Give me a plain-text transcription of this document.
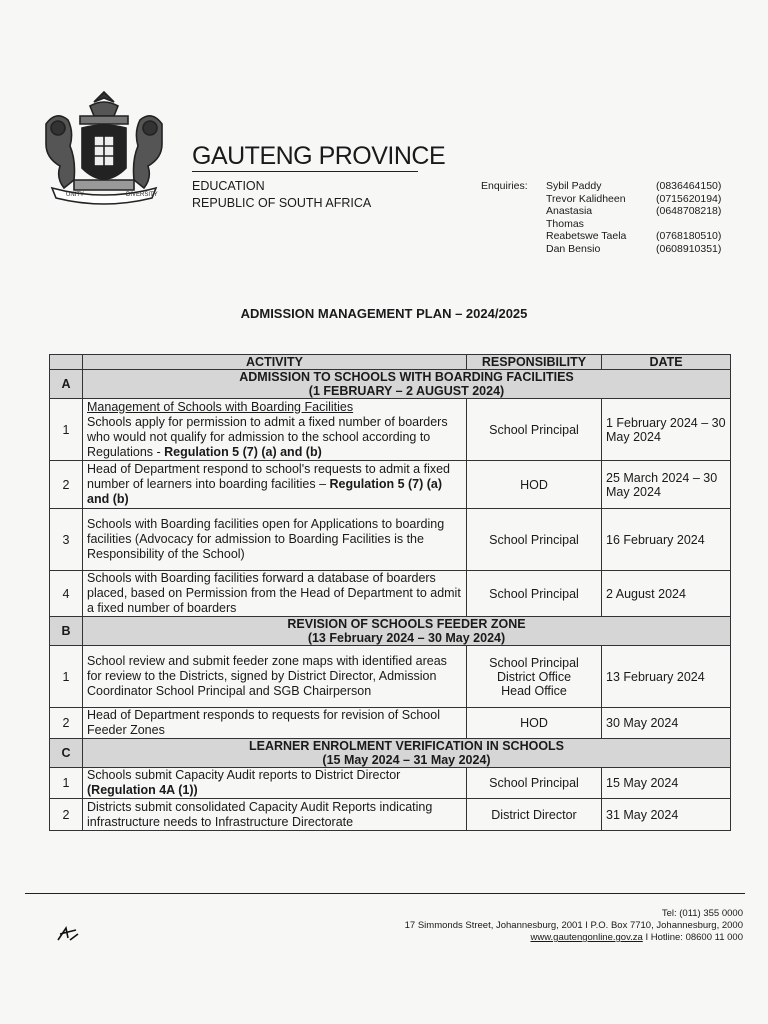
UNITY	DIVERSITY
GAUTENG PROVINCE
EDUCATION
REPUBLIC OF SOUTH AFRICA
Enquiries: Sybil Paddy	(0836464150)
Trevor Kalidheen	(0715620194)
Anastasia	(0648708218)
Thomas
Reabetswe Taela	(0768180510)
Dan Bensio	(0608910351)
ADMISSION MANAGEMENT PLAN – 2024/2025
	ACTIVITY	RESPONSIBILITY	DATE
A	ADMISSION TO SCHOOLS WITH BOARDING FACILITIES
(1 FEBRUARY – 2 AUGUST 2024)		

1	Management of Schools with Boarding Facilities
Schools apply for permission to admit a fixed number of boarders who would not qualify for admission to the school according to Regulations - Regulation 5 (7) (a) and (b)	School Principal	1 February 2024 – 30 May 2024
2	Head of Department respond to school's requests to admit a fixed number of learners into boarding facilities – Regulation 5 (7) (a) and (b)	HOD	25 March 2024 – 30 May 2024
3	Schools with Boarding facilities open for Applications to boarding facilities (Advocacy for admission to Boarding Facilities is the Responsibility of the School)	School Principal	16 February 2024
4	Schools with Boarding facilities forward a database of boarders placed, based on Permission from the Head of Department to admit a fixed number of boarders	School Principal	2 August 2024
B	REVISION OF SCHOOLS FEEDER ZONE
(13 February 2024 – 30 May 2024)		

1	School review and submit feeder zone maps with identified areas for review to the Districts, signed by District Director, Admission Coordinator School Principal and SGB Chairperson	School Principal
District Office
Head Office	13 February 2024
2	Head of Department responds to requests for revision of School Feeder Zones	HOD	30 May 2024
C	LEARNER ENROLMENT VERIFICATION IN SCHOOLS
(15 May 2024 – 31 May 2024)		

1	Schools submit Capacity Audit reports to District Director (Regulation 4A (1))	School Principal	15 May 2024
2	Districts submit consolidated Capacity Audit Reports indicating infrastructure needs to Infrastructure Directorate	District Director	31 May 2024
Tel: (011) 355 0000
17 Simmonds Street, Johannesburg, 2001 I P.O. Box 7710, Johannesburg, 2000
www.gautengonline.gov.za I Hotline: 08600 11 000
